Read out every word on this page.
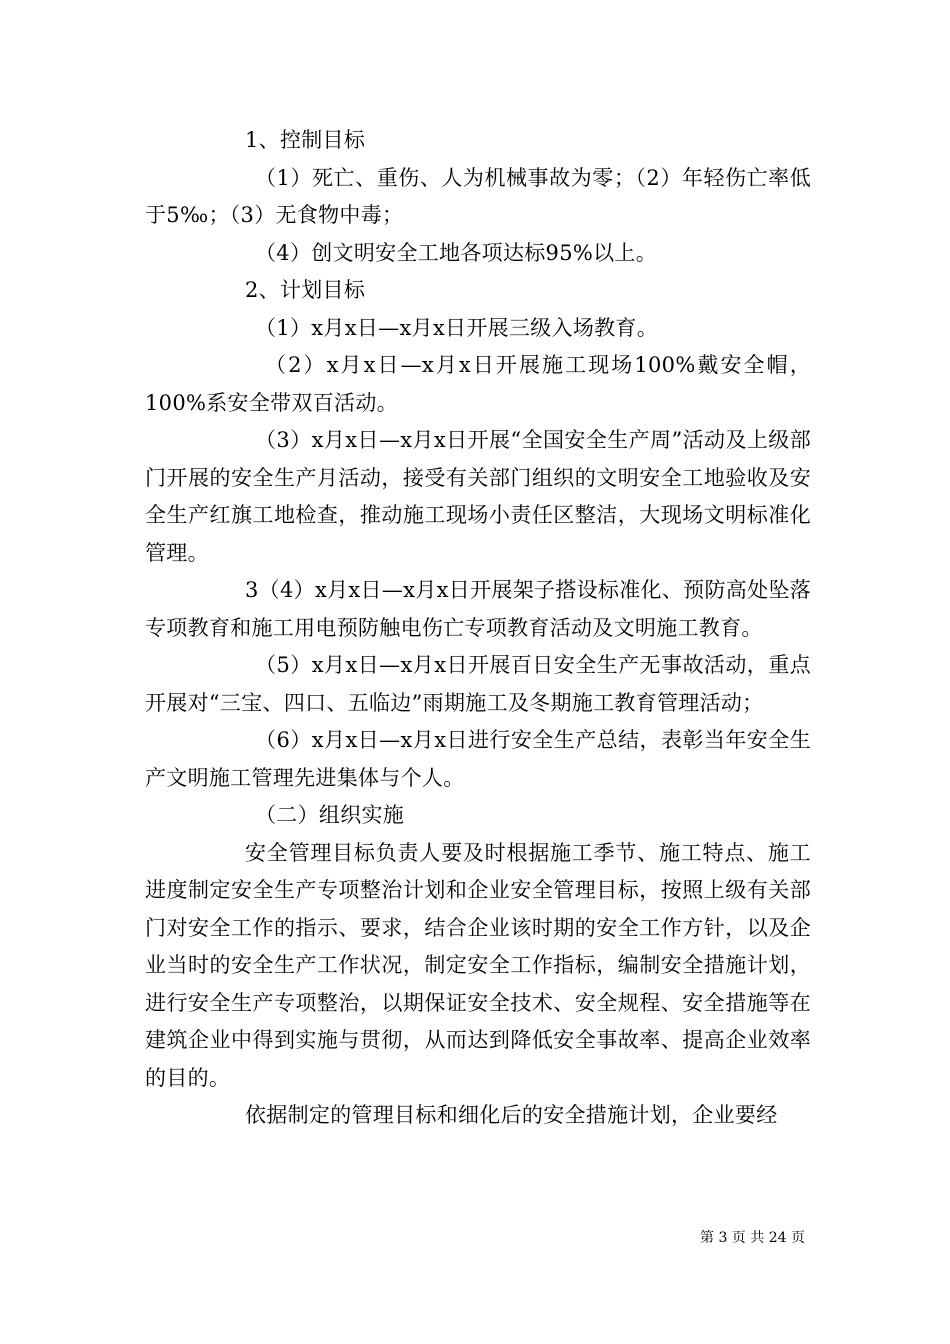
1、控制目标

（1）死亡、重伤、人为机械事故为零；（2）年轻伤亡率低于5‰；（3）无食物中毒；

（4）创文明安全工地各项达标95%以上。

2、计划目标

（1）x月x日—x月x日开展三级入场教育。

（2）x月x日—x月x日开展施工现场100%戴安全帽，100%系安全带双百活动。

（3）x月x日—x月x日开展“全国安全生产周”活动及上级部门开展的安全生产月活动，接受有关部门组织的文明安全工地验收及安全生产红旗工地检查，推动施工现场小责任区整洁，大现场文明标准化管理。

3（4）x月x日—x月x日开展架子搭设标准化、预防高处坠落专项教育和施工用电预防触电伤亡专项教育活动及文明施工教育。

（5）x月x日—x月x日开展百日安全生产无事故活动，重点开展对“三宝、四口、五临边”雨期施工及冬期施工教育管理活动；

（6）x月x日—x月x日进行安全生产总结，表彰当年安全生产文明施工管理先进集体与个人。

（二）组织实施

安全管理目标负责人要及时根据施工季节、施工特点、施工进度制定安全生产专项整治计划和企业安全管理目标，按照上级有关部门对安全工作的指示、要求，结合企业该时期的安全工作方针，以及企业当时的安全生产工作状况，制定安全工作指标，编制安全措施计划，进行安全生产专项整治，以期保证安全技术、安全规程、安全措施等在建筑企业中得到实施与贯彻，从而达到降低安全事故率、提高企业效率的目的。

依据制定的管理目标和细化后的安全措施计划，企业要经

第 3 页 共 24 页
